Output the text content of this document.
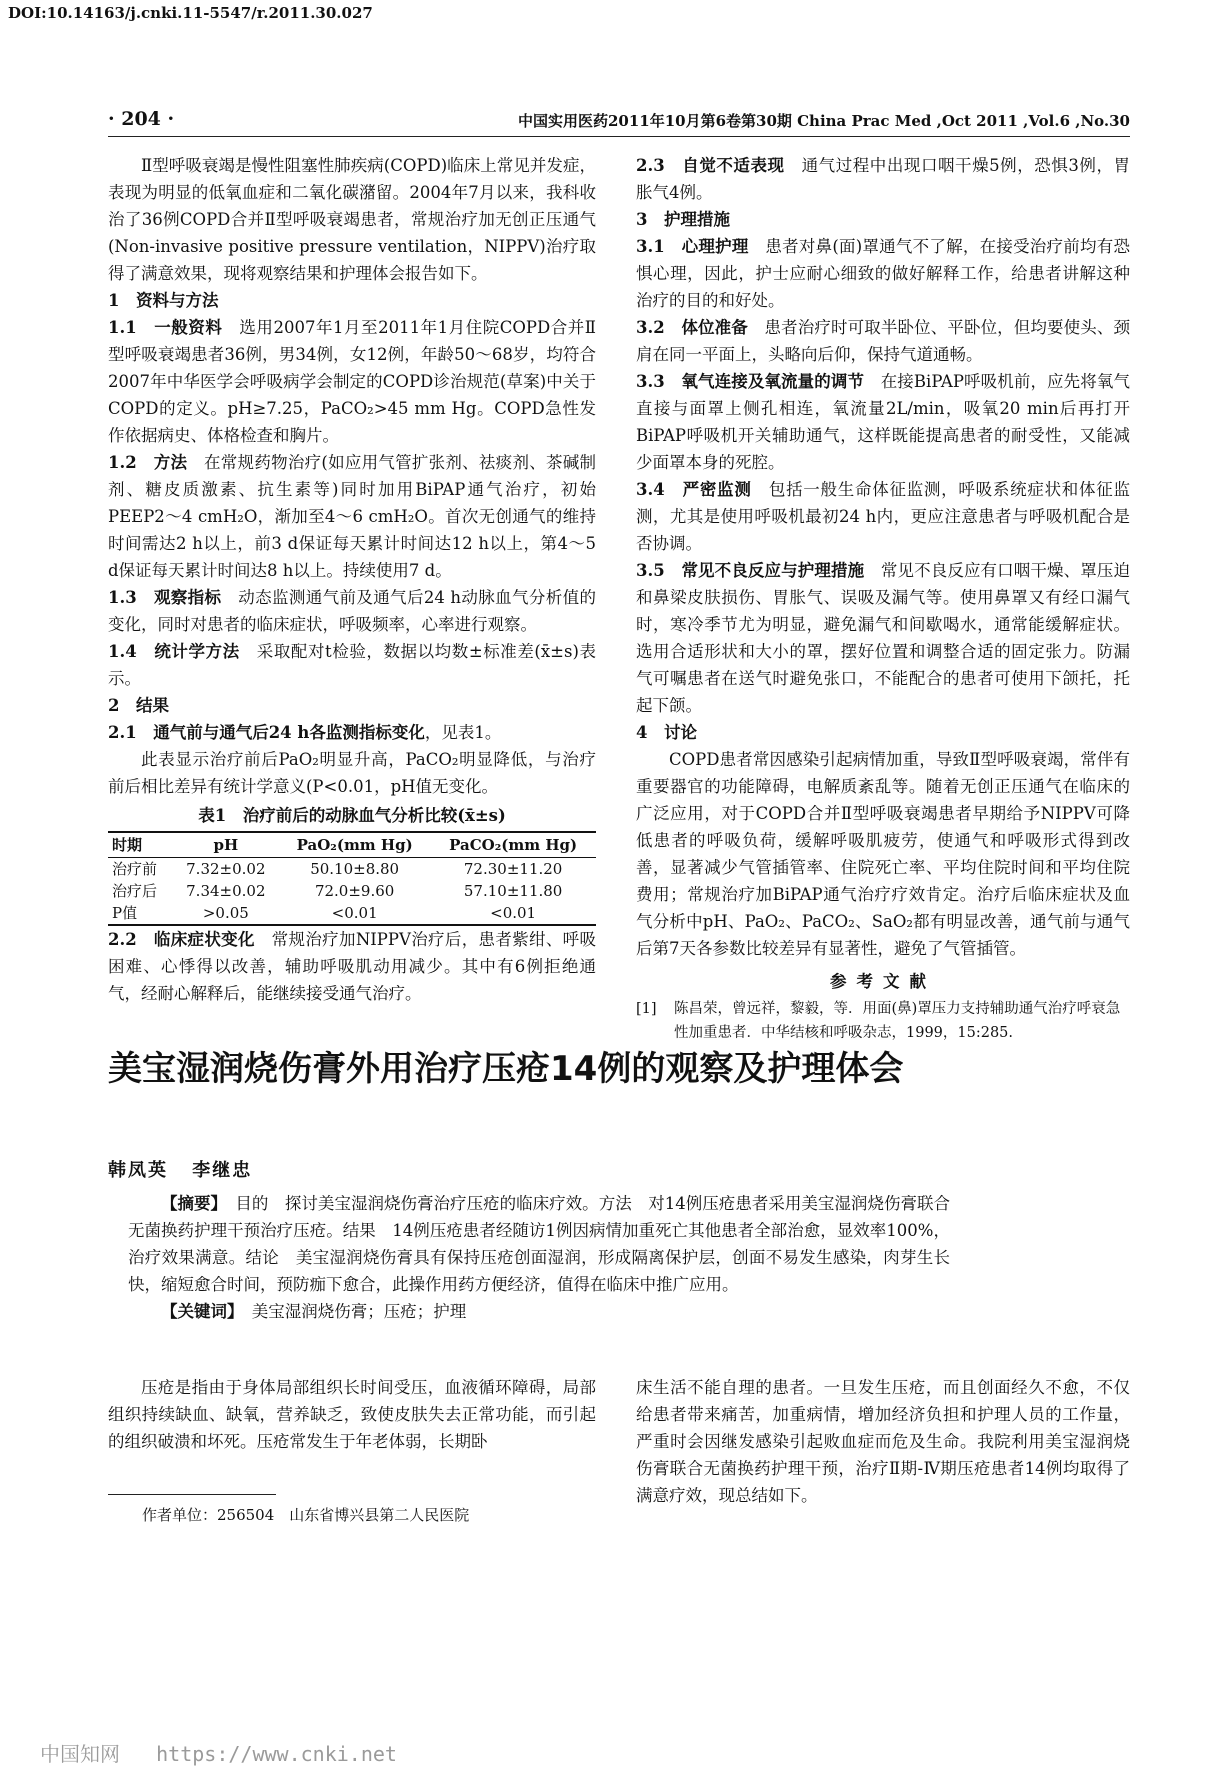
DOI:10.14163/j.cnki.11-5547/r.2011.30.027
· 204 ·	中国实用医药2011年10月第6卷第30期 China Prac Med ,Oct 2011 ,Vol.6 ,No.30

Ⅱ型呼吸衰竭是慢性阻塞性肺疾病(COPD)临床上常见并发症，表现为明显的低氧血症和二氧化碳潴留。2004年7月以来，我科收治了36例COPD合并Ⅱ型呼吸衰竭患者，常规治疗加无创正压通气(Non-invasive positive pressure ventilation，NIPPV)治疗取得了满意效果，现将观察结果和护理体会报告如下。

1　资料与方法

1.1　一般资料　选用2007年1月至2011年1月住院COPD合并Ⅱ型呼吸衰竭患者36例，男34例，女12例，年龄50～68岁，均符合2007年中华医学会呼吸病学会制定的COPD诊治规范(草案)中关于COPD的定义。pH≥7.25，PaCO₂>45 mm Hg。COPD急性发作依据病史、体格检查和胸片。

1.2　方法　在常规药物治疗(如应用气管扩张剂、祛痰剂、茶碱制剂、糖皮质激素、抗生素等)同时加用BiPAP通气治疗，初始PEEP2～4 cmH₂O，渐加至4～6 cmH₂O。首次无创通气的维持时间需达2 h以上，前3 d保证每天累计时间达12 h以上，第4～5 d保证每天累计时间达8 h以上。持续使用7 d。

1.3　观察指标　动态监测通气前及通气后24 h动脉血气分析值的变化，同时对患者的临床症状，呼吸频率，心率进行观察。

1.4　统计学方法　采取配对t检验，数据以均数±标准差(x̄±s)表示。

2　结果

2.1　通气前与通气后24 h各监测指标变化，见表1。

此表显示治疗前后PaO₂明显升高，PaCO₂明显降低，与治疗前后相比差异有统计学意义(P<0.01，pH值无变化。

表1　治疗前后的动脉血气分析比较(x̄±s)
时期	pH	PaO₂(mm Hg)	PaCO₂(mm Hg)
治疗前	7.32±0.02	50.10±8.80	72.30±11.20
治疗后	7.34±0.02	72.0±9.60	57.10±11.80
P值	>0.05	<0.01	<0.01

2.2　临床症状变化　常规治疗加NIPPV治疗后，患者紫绀、呼吸困难、心悸得以改善，辅助呼吸肌动用减少。其中有6例拒绝通气，经耐心解释后，能继续接受通气治疗。

2.3　自觉不适表现　通气过程中出现口咽干燥5例，恐惧3例，胃胀气4例。

3　护理措施

3.1　心理护理　患者对鼻(面)罩通气不了解，在接受治疗前均有恐惧心理，因此，护士应耐心细致的做好解释工作，给患者讲解这种治疗的目的和好处。

3.2　体位准备　患者治疗时可取半卧位、平卧位，但均要使头、颈肩在同一平面上，头略向后仰，保持气道通畅。

3.3　氧气连接及氧流量的调节　在接BiPAP呼吸机前，应先将氧气直接与面罩上侧孔相连，氧流量2L/min，吸氧20 min后再打开BiPAP呼吸机开关辅助通气，这样既能提高患者的耐受性，又能减少面罩本身的死腔。

3.4　严密监测　包括一般生命体征监测，呼吸系统症状和体征监测，尤其是使用呼吸机最初24 h内，更应注意患者与呼吸机配合是否协调。

3.5　常见不良反应与护理措施　常见不良反应有口咽干燥、罩压迫和鼻梁皮肤损伤、胃胀气、误吸及漏气等。使用鼻罩又有经口漏气时，寒冷季节尤为明显，避免漏气和间歇喝水，通常能缓解症状。选用合适形状和大小的罩，摆好位置和调整合适的固定张力。防漏气可嘱患者在送气时避免张口，不能配合的患者可使用下颌托，托起下颌。

4　讨论

COPD患者常因感染引起病情加重，导致Ⅱ型呼吸衰竭，常伴有重要器官的功能障碍，电解质紊乱等。随着无创正压通气在临床的广泛应用，对于COPD合并Ⅱ型呼吸衰竭患者早期给予NIPPV可降低患者的呼吸负荷，缓解呼吸肌疲劳，使通气和呼吸形式得到改善，显著减少气管插管率、住院死亡率、平均住院时间和平均住院费用；常规治疗加BiPAP通气治疗疗效肯定。治疗后临床症状及血气分析中pH、PaO₂、PaCO₂、SaO₂都有明显改善，通气前与通气后第7天各参数比较差异有显著性，避免了气管插管。

参考文献
[1]	陈昌荣，曾远祥，黎毅，等．用面(鼻)罩压力支持辅助通气治疗呼衰急性加重患者．中华结核和呼吸杂志，1999，15:285.
美宝湿润烧伤膏外用治疗压疮14例的观察及护理体会
韩凤英 李继忠

【摘要】　目的　探讨美宝湿润烧伤膏治疗压疮的临床疗效。方法　对14例压疮患者采用美宝湿润烧伤膏联合无菌换药护理干预治疗压疮。结果　14例压疮患者经随访1例因病情加重死亡其他患者全部治愈，显效率100%，治疗效果满意。结论　美宝湿润烧伤膏具有保持压疮创面湿润，形成隔离保护层，创面不易发生感染，肉芽生长快，缩短愈合时间，预防痂下愈合，此操作用药方便经济，值得在临床中推广应用。

【关键词】　美宝湿润烧伤膏；压疮；护理

压疮是指由于身体局部组织长时间受压，血液循环障碍，局部组织持续缺血、缺氧，营养缺乏，致使皮肤失去正常功能，而引起的组织破溃和坏死。压疮常发生于年老体弱，长期卧

床生活不能自理的患者。一旦发生压疮，而且创面经久不愈，不仅给患者带来痛苦，加重病情，增加经济负担和护理人员的工作量，严重时会因继发感染引起败血症而危及生命。我院利用美宝湿润烧伤膏联合无菌换药护理干预，治疗Ⅱ期-Ⅳ期压疮患者14例均取得了满意疗效，现总结如下。

作者单位：256504　山东省博兴县第二人民医院
中国知网   https://www.cnki.net
